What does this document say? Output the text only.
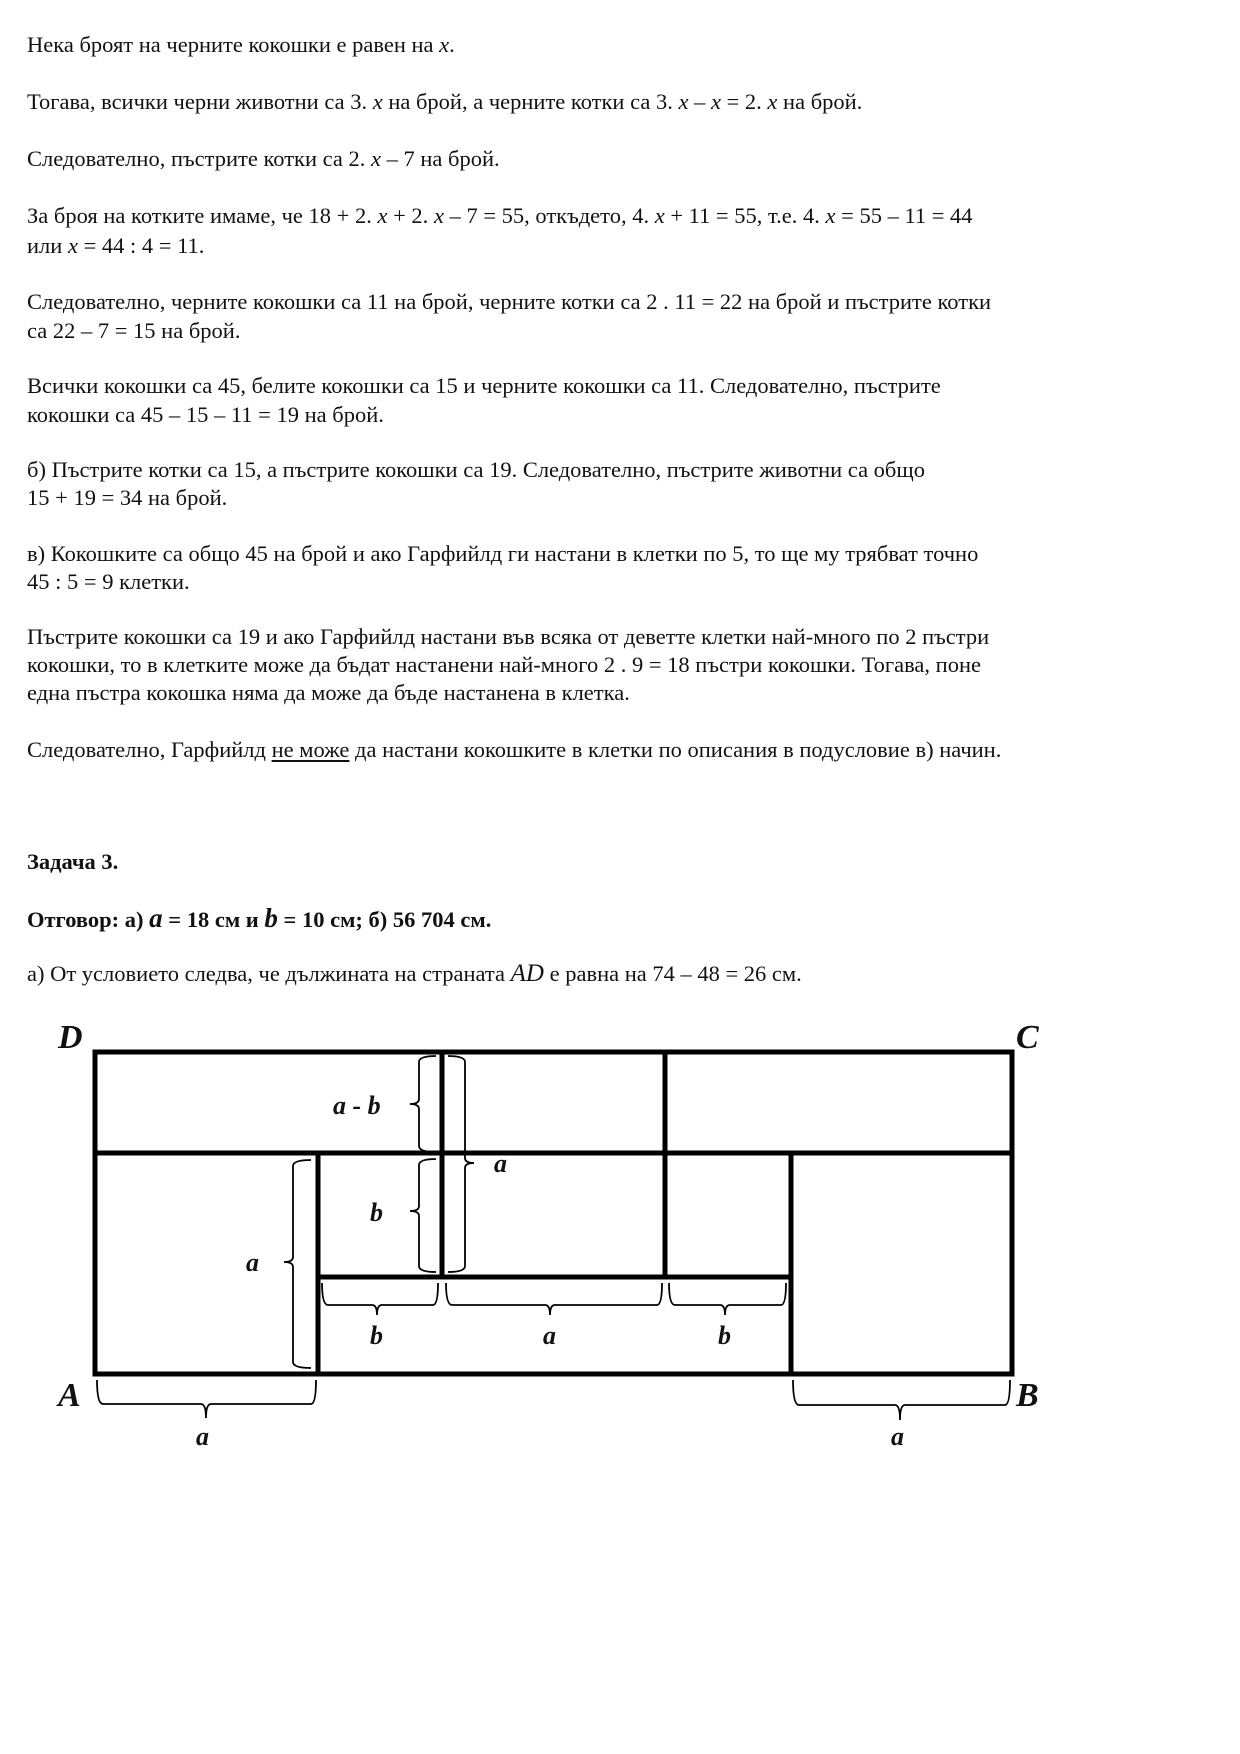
Нека броят на черните кокошки е равен на x.

Тогава, всички черни животни са 3. x на брой, а черните котки са 3. x – x = 2. x на брой.

Следователно, пъстрите котки са 2. x – 7 на брой.

За броя на котките имаме, че 18 + 2. x + 2. x – 7 = 55, откъдето, 4. x + 11 = 55, т.е. 4. x = 55 – 11 = 44

или x = 44 : 4 = 11.

Следователно, черните кокошки са 11 на брой, черните котки са 2 . 11 = 22 на брой и пъстрите котки

са 22 – 7 = 15 на брой.

Всички кокошки са 45, белите кокошки са 15 и черните кокошки са 11. Следователно, пъстрите

кокошки са 45 – 15 – 11 = 19 на брой.

б) Пъстрите котки са 15, а пъстрите кокошки са 19. Следователно, пъстрите животни са общо

15 + 19 = 34 на брой.

в) Кокошките са общо 45 на брой и ако Гарфийлд ги настани в клетки по 5, то ще му трябват точно

45 : 5 = 9 клетки.

Пъстрите кокошки са 19 и ако Гарфийлд настани във всяка от деветте клетки най-много по 2 пъстри

кокошки, то в клетките може да бъдат настанени най-много 2 . 9 = 18 пъстри кокошки. Тогава, поне

една пъстра кокошка няма да може да бъде настанена в клетка.

Следователно, Гарфийлд не може да настани кокошките в клетки по описания в подусловие в) начин.

Задача 3.

Отговор: а) a = 18 см и b = 10 см; б) 56 704 см.

а) От условието следва, че дължината на страната AD е равна на 74 – 48 = 26 см.

D	C
A	B
a - b
b
a
a
b	a	b
a	a
